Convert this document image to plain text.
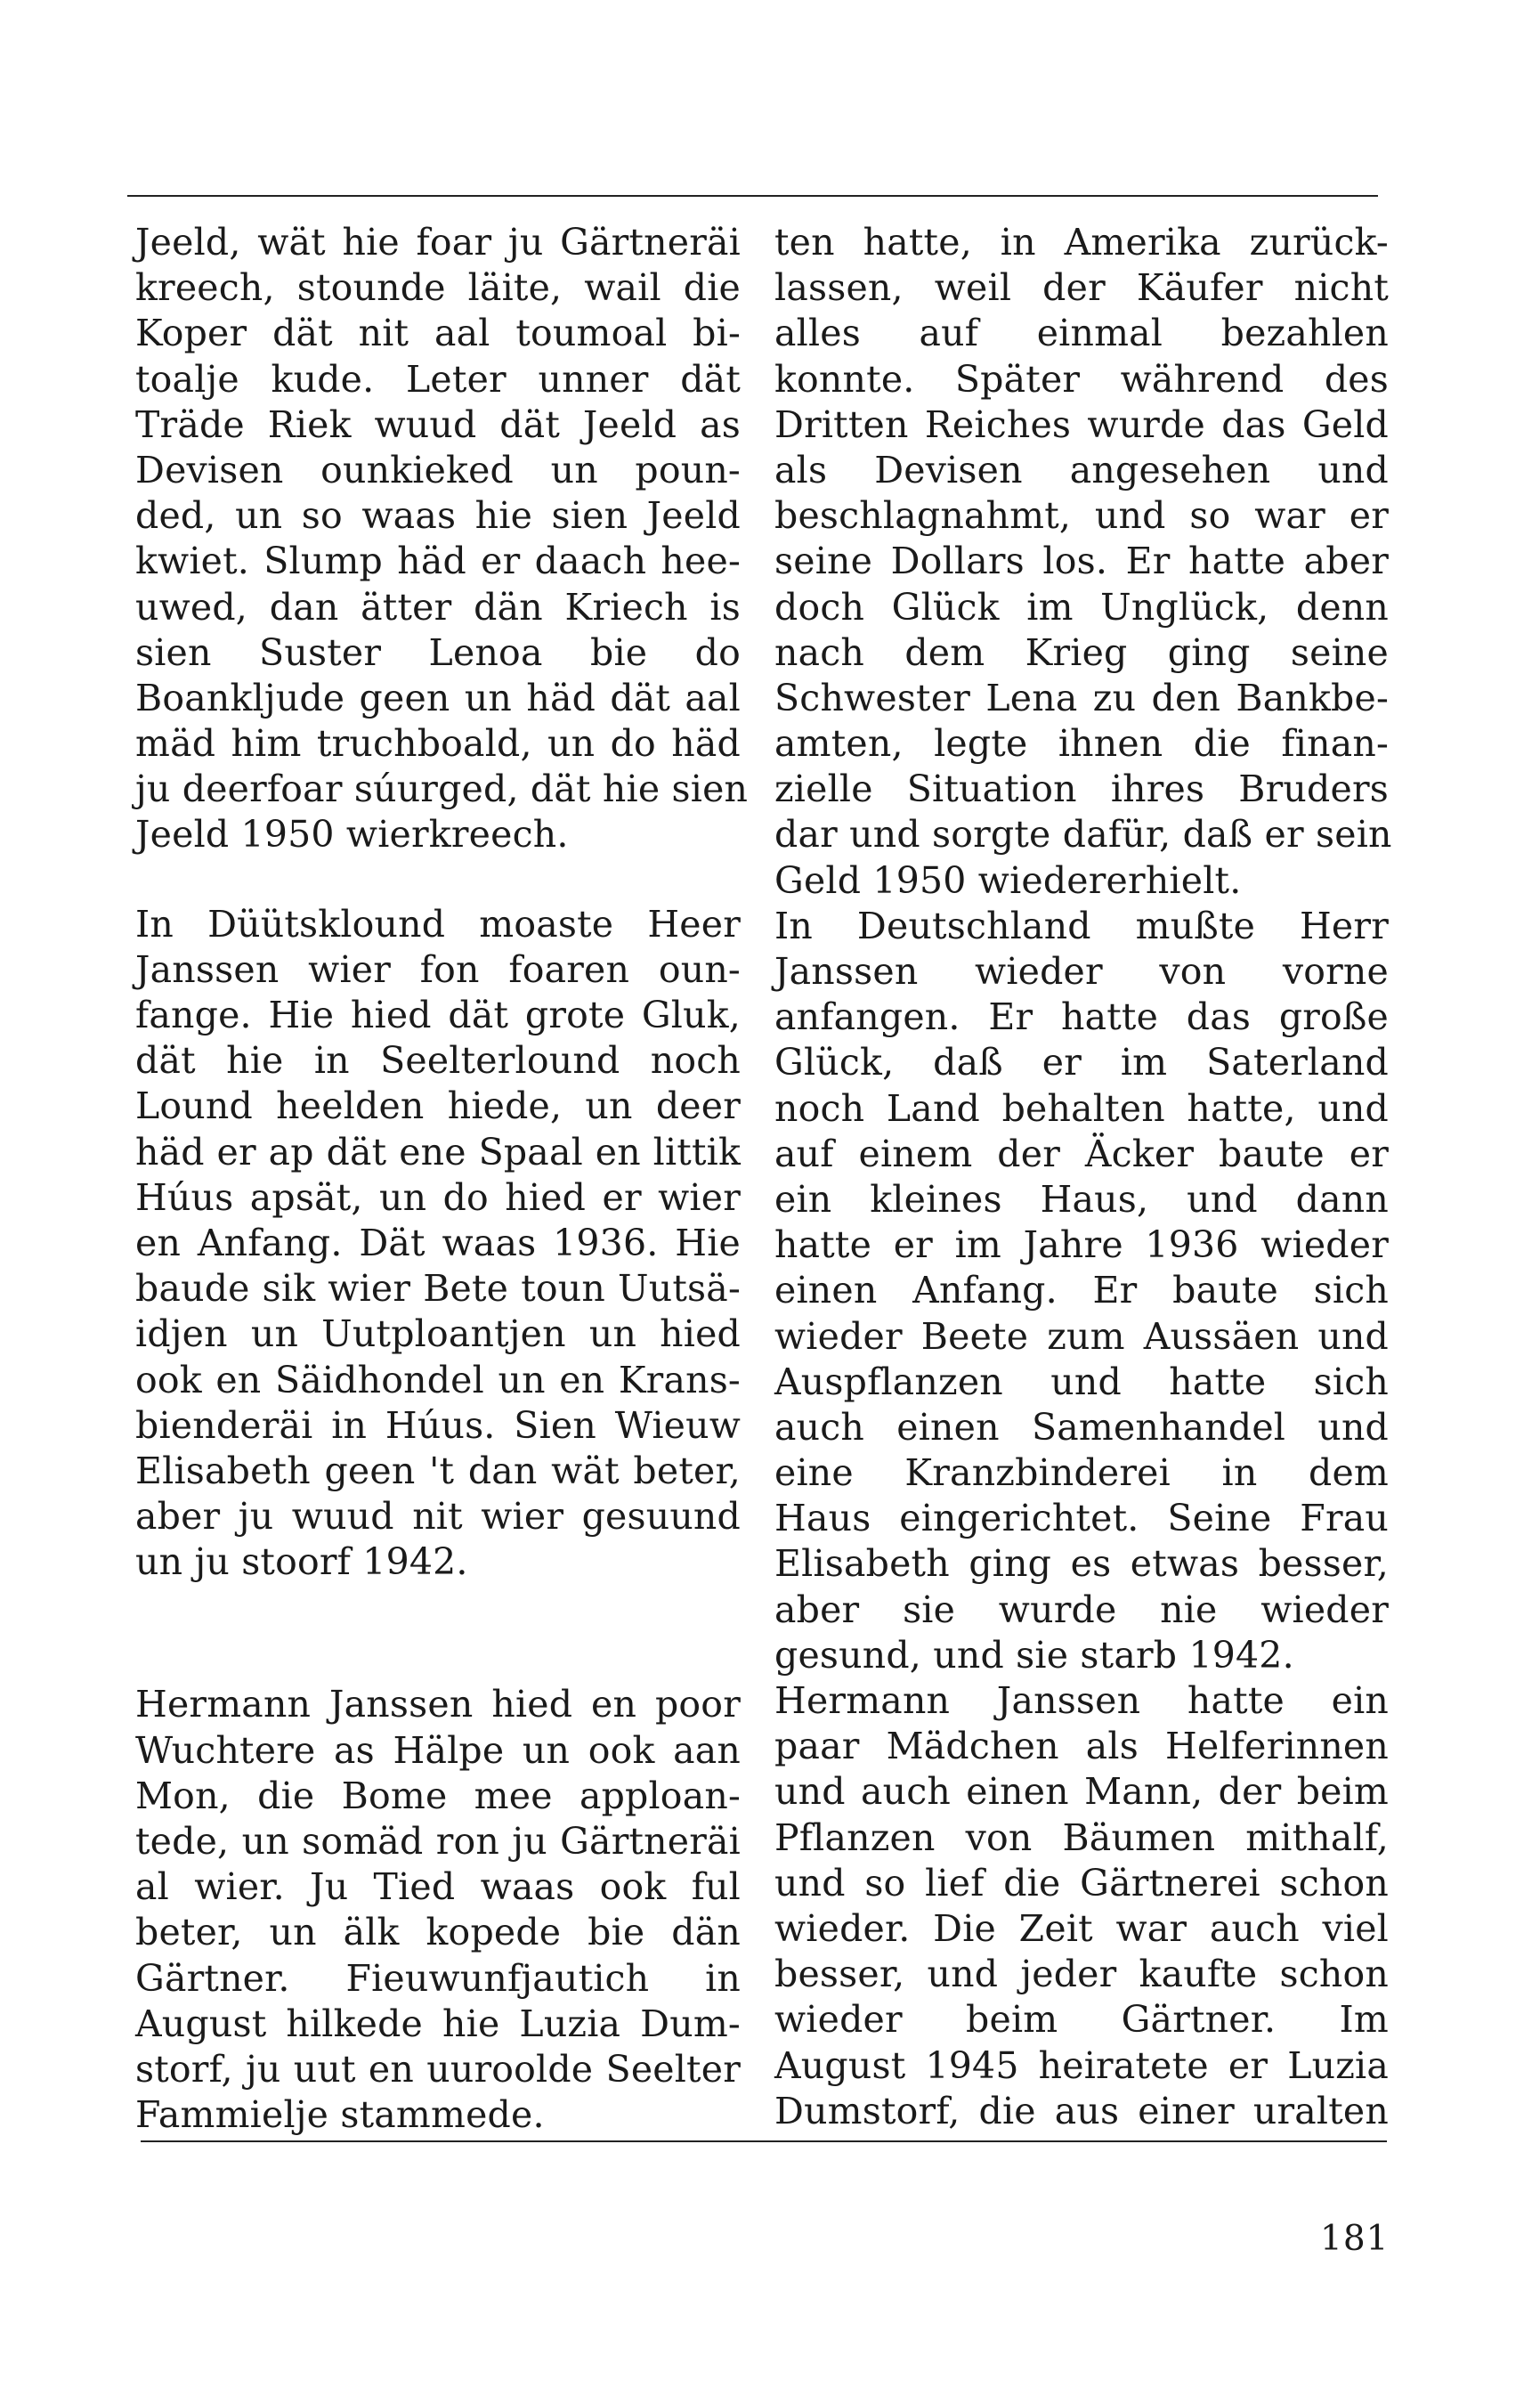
Jeeld, wät hie foar ju Gärtneräi
kreech, stounde läite, wail die
Koper dät nit aal toumoal bi-
toalje kude. Leter unner dät
Träde Riek wuud dät Jeeld as
Devisen ounkieked un poun-
ded, un so waas hie sien Jeeld
kwiet. Slump häd er daach hee-
uwed, dan ätter dän Kriech is
sien Suster Lenoa bie do
Boankljude geen un häd dät aal
mäd him truchboald, un do häd
ju deerfoar súurged, dät hie sien
Jeeld 1950 wierkreech.
In Düütsklound moaste Heer
Janssen wier fon foaren oun-
fange. Hie hied dät grote Gluk,
dät hie in Seelterlound noch
Lound heelden hiede, un deer
häd er ap dät ene Spaal en littik
Húus apsät, un do hied er wier
en Anfang. Dät waas 1936. Hie
baude sik wier Bete toun Uutsä-
idjen un Uutploantjen un hied
ook en Säidhondel un en Krans-
bienderäi in Húus. Sien Wieuw
Elisabeth geen 't dan wät beter,
aber ju wuud nit wier gesuund
un ju stoorf 1942.
Hermann Janssen hied en poor
Wuchtere as Hälpe un ook aan
Mon, die Bome mee apploan-
tede, un somäd ron ju Gärtneräi
al wier. Ju Tied waas ook ful
beter, un älk kopede bie dän
Gärtner. Fieuwunfjautich in
August hilkede hie Luzia Dum-
storf, ju uut en uuroolde Seelter
Fammielje stammede.
ten hatte, in Amerika zurück-
lassen, weil der Käufer nicht
alles auf einmal bezahlen
konnte. Später während des
Dritten Reiches wurde das Geld
als Devisen angesehen und
beschlagnahmt, und so war er
seine Dollars los. Er hatte aber
doch Glück im Unglück, denn
nach dem Krieg ging seine
Schwester Lena zu den Bankbe-
amten, legte ihnen die finan-
zielle Situation ihres Bruders
dar und sorgte dafür, daß er sein
Geld 1950 wiedererhielt.
In Deutschland mußte Herr
Janssen wieder von vorne
anfangen. Er hatte das große
Glück, daß er im Saterland
noch Land behalten hatte, und
auf einem der Äcker baute er
ein kleines Haus, und dann
hatte er im Jahre 1936 wieder
einen Anfang. Er baute sich
wieder Beete zum Aussäen und
Auspflanzen und hatte sich
auch einen Samenhandel und
eine Kranzbinderei in dem
Haus eingerichtet. Seine Frau
Elisabeth ging es etwas besser,
aber sie wurde nie wieder
gesund, und sie starb 1942.
Hermann Janssen hatte ein
paar Mädchen als Helferinnen
und auch einen Mann, der beim
Pflanzen von Bäumen mithalf,
und so lief die Gärtnerei schon
wieder. Die Zeit war auch viel
besser, und jeder kaufte schon
wieder beim Gärtner. Im
August 1945 heiratete er Luzia
Dumstorf, die aus einer uralten
181
